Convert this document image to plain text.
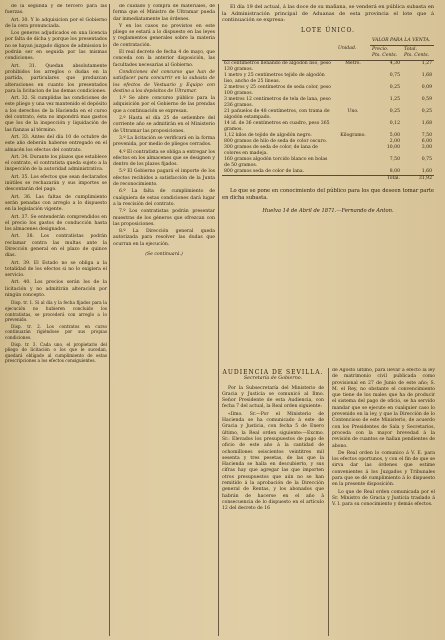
de la segunda y de tercero para las fuerzas.

Art. 30. Y lo adquisicion por el Gobierno de la cera pronunciada.

Los generos adjudicados en una licencia por falta de dicha y porque los presentados no se hayan juzgado dignos de admission lo podrán ser en seguida por las mismas condiciones.

Art. 31. Quedan absolutamente prohibidos los arreglos o dudas en la partida, particulares que produzcan alteraciones en cuanto los presentados para la licitacion de las demas condiciones.

Art. 32. Si cumplidas las condiciones de este pliego y una vez mantenido el depósito a los derechos de la Hacienda en el curso del contrato, ésta no impondrá mas gastos que los de la inspección y liquidación de las fianzas al término.

Art. 33. Antes del día 10 de octubre de este año deberán haberse entregado en el almacén los efectos del contrato.

Art. 34. Durante los plazos que establece el contrato, el contratista queda sujeto a la inspección de la autoridad administrativa.

Art. 35. Los efectos que sean declarados inútiles se rechazarán y sus importes se descontarán del pago.

Art. 36. Las faltas de cumplimiento serán penadas con arreglo a lo dispuesto en la legislación vigente.

Art. 37. Se entenderán comprendidos en el precio los gastos de conducción hasta los almacenes designados.

Art. 38. Los contratistas podrán reclamar contra las multas ante la Dirección general en el plazo de quince días.

Art. 39. El Estado no se obliga a la totalidad de los efectos si no lo exigiera el servicio.

Art. 40. Los precios serán los de la licitación y no admitirán alteración por ningún concepto.

Disp. tr. 1. Si al día y la fecha fijados para la ejecución no hubieren concluido los contratistas, se procederá con arreglo a lo prevenido.

Disp. tr. 2. Los contratos en curso continuarán rigiéndose por sus propias condiciones.

Disp. tr. 3. Cada uno, el propietario del pliego de licitación o los que le sucedan, quedará obligado al cumplimiento de estas prescripciones a los efectos consiguientes.

de cuidado y compra de materiales, de forma que el Ministro de Ultramar pueda dar inmediatamente las órdenes.

Y en los casos no previstos en este pliego se estará a lo dispuesto en las leyes y reglamentos generales sobre la materia de contratación.

El real decreto de fecha 4 de mayo, que conceda con la anterior disposición, las facultades necesarias al Gobierno.

Condiciones del concurso que han de satisfacer para concurrir en la subasta de los efectos de Vestuario y Equipo con destino a los depósitos de Ultramar.

1.º Se abre concurso público para la adquisición por el Gobierno de las prendas que a continuación se expresan.

2.º Hasta el día 25 de setiembre del corriente año se admitirán en el Ministerio de Ultramar las proposiciones.

3.º La licitación se verificará en la forma prevenida, por medio de pliegos cerrados.

4.º El contratista se obliga a entregar los efectos en los almacenes que se designen y dentro de los plazos fijados.

5.º El Gobierno pagará el importe de los efectos recibidos a satisfacción de la Junta de reconocimiento.

6.º La falta de cumplimiento de cualquiera de estas condiciones dará lugar a la rescisión del contrato.

7.º Los contratistas podrán presentar muestras de los géneros que ofrezcan con las proposiciones.

8.º La Dirección general queda autorizada para resolver las dudas que ocurran en la ejecución.

(Se continuará.)

El día 19 del actual, á las doce de su mañana, se venderá en pública subasta en la Administración principal de Aduanas de esta provincia el lote que á continuación se expresa:

LOTE ÚNICO.
	Unidad.	VALOR PARA LA VENTA.	
		Precio.
Pts. Cents.	Total.
Pts. Cents.
63 centímetros llenando de algodón liso, peso 130 gramos.	Metro.	4,30	1,27
1 metro y 25 centímetros tejido de algodón liso, ancho de 25 líneas.		0,75	1,68
2 metros y 25 centímetros de seda color, peso 100 gramos.		0,25	0,09
3 metros 12 centímetros de tela de lana, peso 236 gramos.		1,25	0,59
21 pañuelos de 48 centímetros, con trama de algodón estampado.	Uno.	0,25	0,25
14 id. de 36 centímetros en cuadro, peso 365 gramos.		0,12	1,68
1,12 kilos de tejido de algodón negro.	Kilogramo.	5,00	7,50
800 gramos de hilo de seda de color oscuro.		2,00	6,00
300 gramos de seda de color, de lana de colores en madeja.		10,00	3,00
160 gramos algodón torcido blanco en bolas de 50 gramos.		7,50	0,75
800 gramos seda de color de lana.		8,00	1,60
Total.			31,92

Lo que se pone en conocimiento del público para los que deseen tomar parte en dicha subasta.

Huelva 14 de Abril de 1871.—Fernando de Anton.
AUDIENCIA DE SEVILLA.
Secretaría de Gobierno.

Por la Subsecretaría del Ministerio de Gracia y Justicia se comunicó al Ilmo. Señor Presidente de esta Audiencia, con fecha 7 del actual, la Real orden siguiente:

«Ilmo. Sr.—Por el Ministerio de Hacienda se ha comunicado á este de Gracia y Justicia, con fecha 5 de Enero último, la Real orden siguiente:—Excmo. Sr.: Elevados los presupuestos de pago de oficio de este año á la cantidad de ochomillones seiscientos veintitres mil sesenta y tres pesetas, de las que la Hacienda se halla en descubierto, y sus cifras hay que agregar las que importen otros presupuestos que aún no se han remitido á la aprobación de la Dirección general de Rentas, y los abonados que habrán de hacerse en el año á consecuencia de lo dispuesto en el artículo 12 del decreto de 16

de Agosto último, para llevar á efecto la ley de matrimonio civil publicada como provisional en 27 de Junio de este año; S. M. el Rey, no obstante el convencimiento que tiene de los males que ha de producir el sistema del pago de oficio, se ha servido mandar que se ejecute en cualquier caso lo prevenido en la ley, y que la Dirección de lo Contencioso de este Ministerio, de acuerdo con los Presidentes de Sala y Secretarios, proceda con la mayor brevedad á la revisión de cuantos se hallan pendientes de abono.

De Real orden lo comunico á V. E. para los efectos oportunos, y con el fin de que se sirva dar las órdenes que estime convenientes á los Juzgados y Tribunales para que se dé cumplimiento á lo dispuesto en la presente disposición.

Lo que de Real orden comunicada por el Sr. Ministro de Gracia y Justicia traslado á V. I. para su conocimiento y demás efectos.
